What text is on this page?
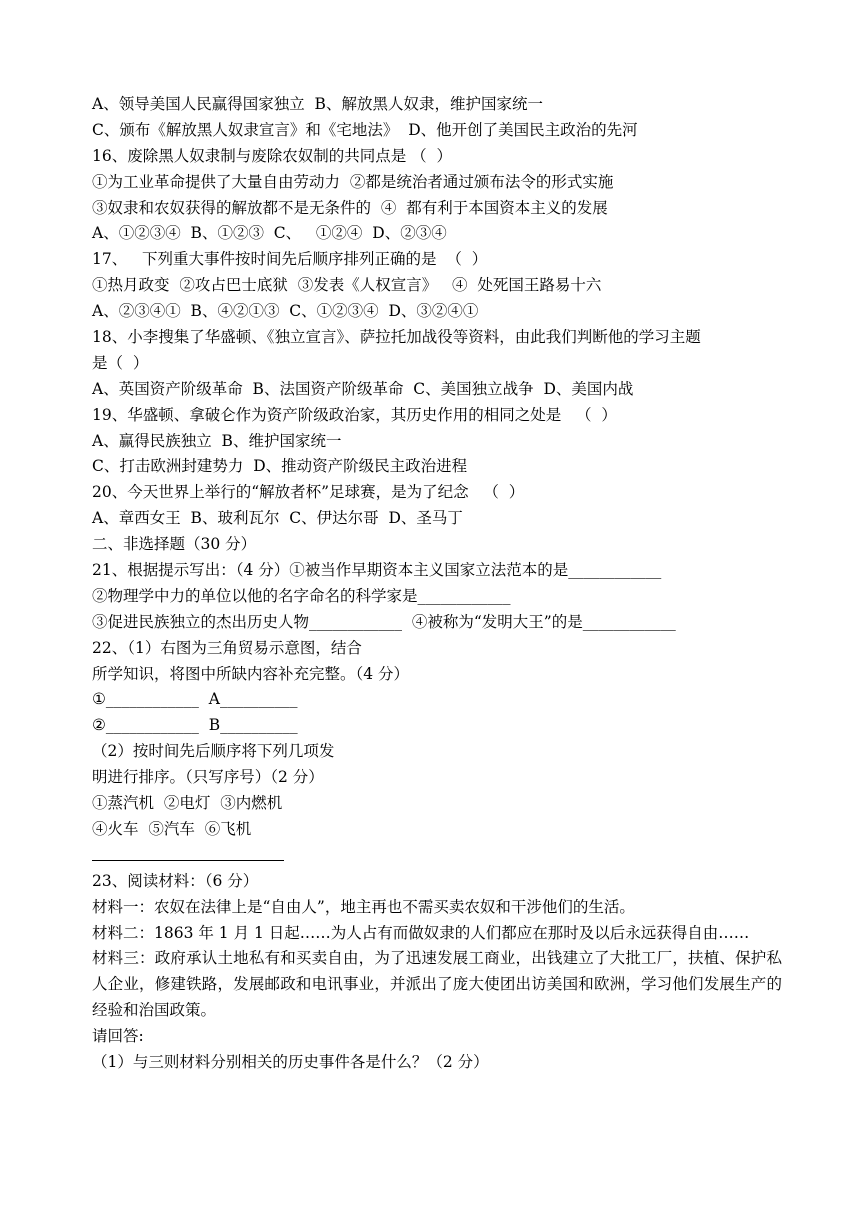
A、领导美国人民赢得国家独立  B、解放黑人奴隶，维护国家统一
C、颁布《解放黑人奴隶宣言》和《宅地法》  D、他开创了美国民主政治的先河
16、废除黑人奴隶制与废除农奴制的共同点是 （  ）
①为工业革命提供了大量自由劳动力  ②都是统治者通过颁布法令的形式实施
③奴隶和农奴获得的解放都不是无条件的  ④  都有利于本国资本主义的发展
A、①②③④  B、①②③  C、   ①②④  D、②③④
17、   下列重大事件按时间先后顺序排列正确的是  （  ）
①热月政变  ②攻占巴士底狱  ③发表《人权宣言》   ④  处死国王路易十六
A、②③④①  B、④②①③  C、①②③④  D、③②④①
18、小李搜集了华盛顿、《独立宣言》、萨拉托加战役等资料，由此我们判断他的学习主题
是（  ）
A、英国资产阶级革命  B、法国资产阶级革命  C、美国独立战争  D、美国内战
19、华盛顿、拿破仑作为资产阶级政治家，其历史作用的相同之处是   （  ）
A、赢得民族独立  B、维护国家统一
C、打击欧洲封建势力  D、推动资产阶级民主政治进程
20、今天世界上举行的“解放者杯”足球赛，是为了纪念   （  ）
A、章西女王  B、玻利瓦尔  C、伊达尔哥  D、圣马丁
二、非选择题（30 分）
21、根据提示写出：（4 分）①被当作早期资本主义国家立法范本的是____________
②物理学中力的单位以他的名字命名的科学家是____________
③促进民族独立的杰出历史人物____________  ④被称为“发明大王”的是____________
22、（1）右图为三角贸易示意图，结合
所学知识，将图中所缺内容补充完整。（4 分）
①____________  A__________
②____________  B__________
（2）按时间先后顺序将下列几项发
明进行排序。（只写序号）（2 分）
①蒸汽机  ②电灯  ③内燃机
④火车  ⑤汽车  ⑥飞机
23、阅读材料：（6 分）
材料一：农奴在法律上是“自由人”，地主再也不需买卖农奴和干涉他们的生活。
材料二：1863 年 1 月 1 日起……为人占有而做奴隶的人们都应在那时及以后永远获得自由……
材料三：政府承认土地私有和买卖自由，为了迅速发展工商业，出钱建立了大批工厂，扶植、保护私人企业，修建铁路，发展邮政和电讯事业，并派出了庞大使团出访美国和欧洲，学习他们发展生产的经验和治国政策。
请回答:
（1）与三则材料分别相关的历史事件各是什么？（2 分）
